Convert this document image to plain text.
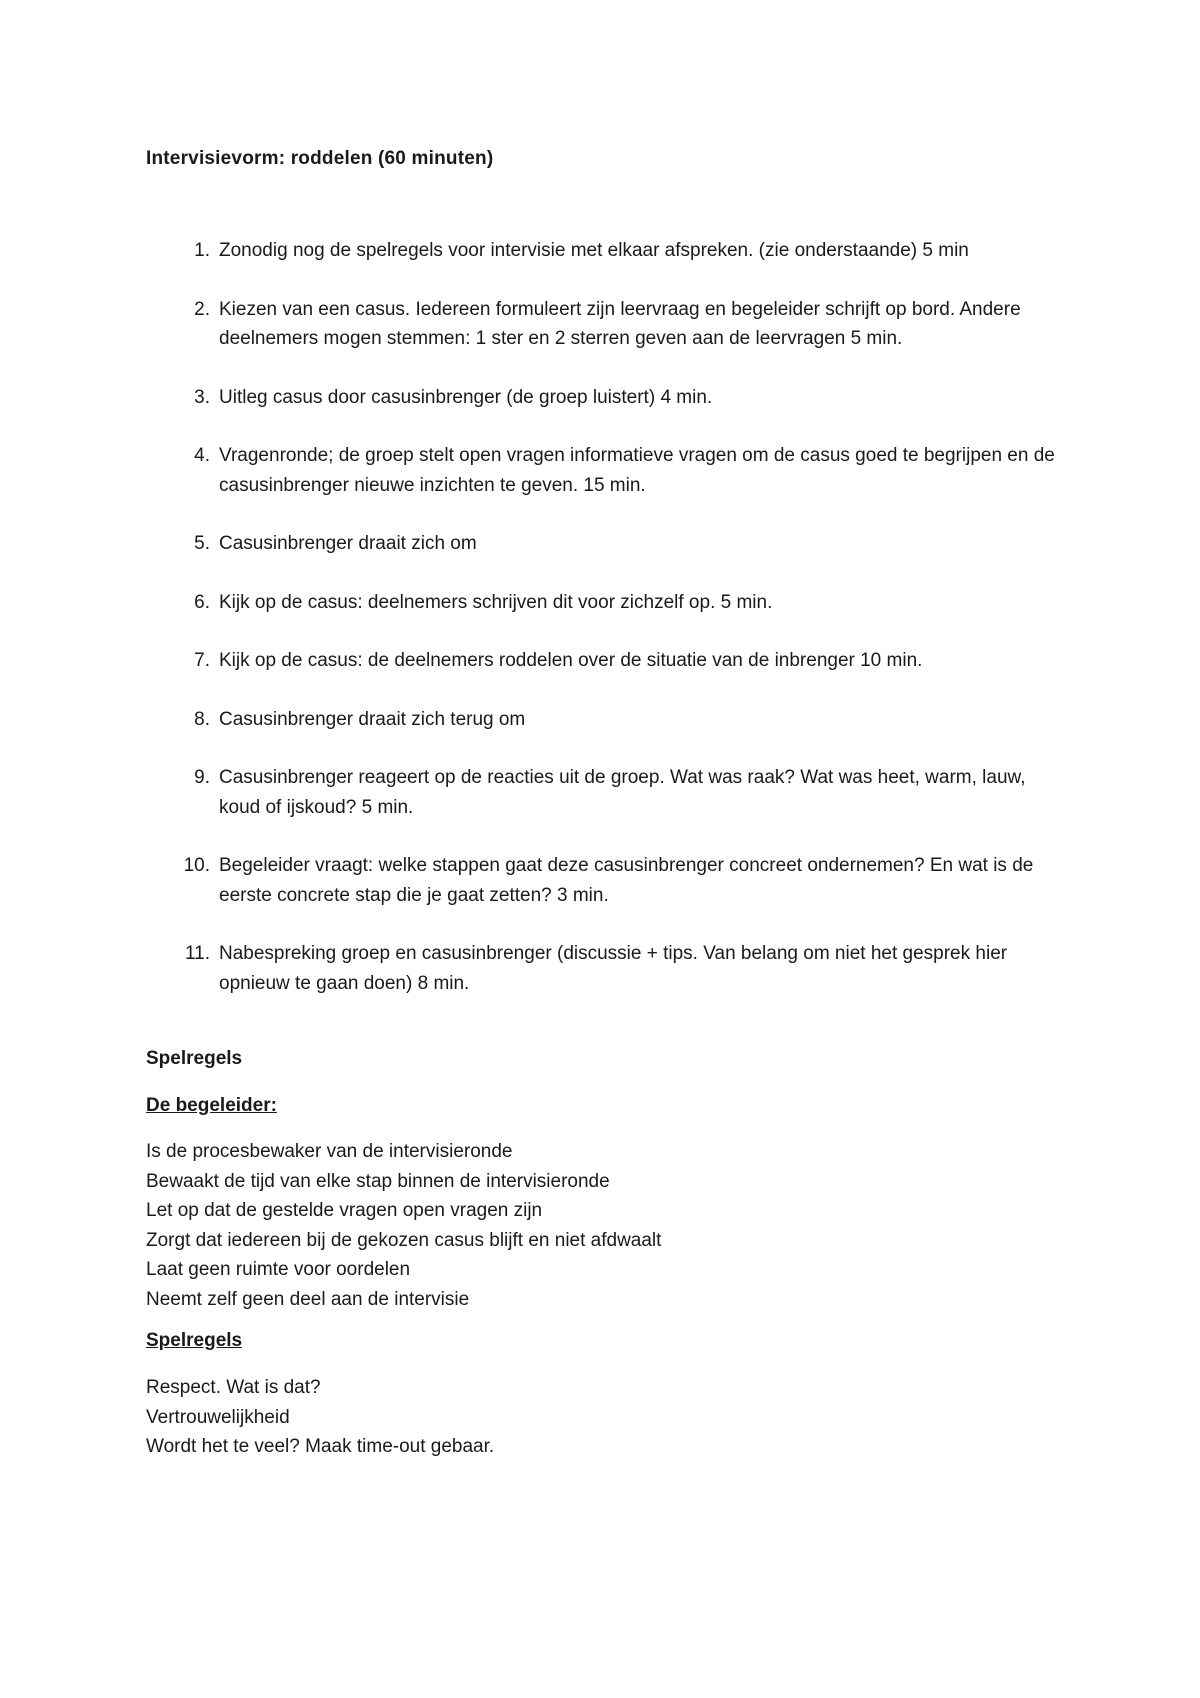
Intervisievorm: roddelen (60 minuten)
1. Zonodig nog de spelregels voor intervisie met elkaar afspreken. (zie onderstaande) 5 min
2. Kiezen van een casus. Iedereen formuleert zijn leervraag en begeleider schrijft op bord. Andere deelnemers mogen stemmen: 1 ster en 2 sterren geven aan de leervragen 5 min.
3. Uitleg casus door casusinbrenger (de groep luistert) 4 min.
4. Vragenronde; de groep stelt open vragen informatieve vragen om de casus goed te begrijpen en de casusinbrenger nieuwe inzichten te geven. 15 min.
5. Casusinbrenger draait zich om
6. Kijk op de casus: deelnemers schrijven dit voor zichzelf op. 5 min.
7. Kijk op de casus: de deelnemers roddelen over de situatie van de inbrenger 10 min.
8. Casusinbrenger draait zich terug om
9. Casusinbrenger reageert op de reacties uit de groep. Wat was raak? Wat was heet, warm, lauw, koud of ijskoud? 5 min.
10. Begeleider vraagt: welke stappen gaat deze casusinbrenger concreet ondernemen? En wat is de eerste concrete stap die je gaat zetten? 3 min.
11. Nabespreking groep en casusinbrenger (discussie + tips. Van belang om niet het gesprek hier opnieuw te gaan doen) 8 min.
Spelregels
De begeleider:
Is de procesbewaker van de intervisieronde
Bewaakt de tijd van elke stap binnen de intervisieronde
Let op dat de gestelde vragen open vragen zijn
Zorgt dat iedereen bij de gekozen casus blijft en niet afdwaalt
Laat geen ruimte voor oordelen
Neemt zelf geen deel aan de intervisie
Spelregels
Respect. Wat is dat?
Vertrouwelijkheid
Wordt het te veel? Maak time-out gebaar.
